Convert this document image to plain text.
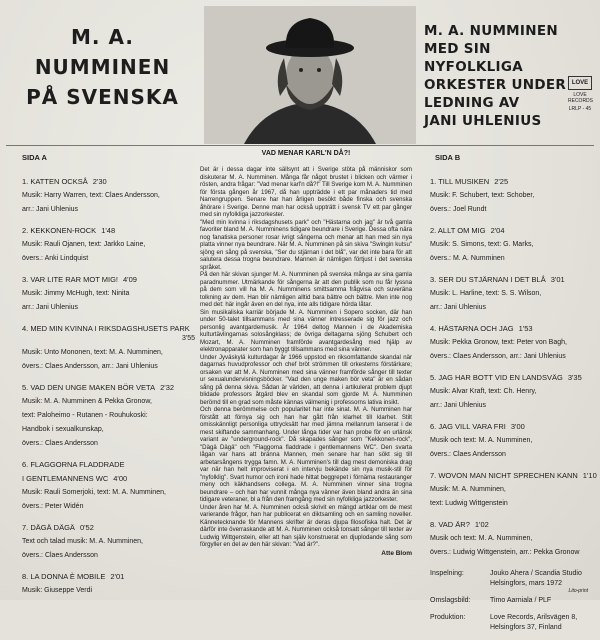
M. A. NUMMINEN
PÅ SVENSKA
M. A. NUMMINEN
MED SIN NYFOLKLIGA
ORKESTER UNDER
LEDNING AV
JANI UHLENIUS
LOVE
LOVE RECORDS
LRLP - 45
SIDA A
1. KATTEN OCKSÅ 2'30
Musik: Harry Warren, text: Claes Andersson,
arr.: Jani Uhlenius
2. KEKKONEN-ROCK 1'48
Musik: Rauli Ojanen, text: Jarkko Laine,
övers.: Anki Lindquist
3. VAR LITE RAR MOT MIG! 4'09
Musik: Jimmy McHugh, text: Ninita
arr.: Jani Uhlenius
4. MED MIN KVINNA I RIKSDAGSHUSETS PARK
3'55
Musik: Unto Mononen, text: M. A. Numminen,
övers.: Claes Andersson, arr.: Jani Uhlenius
5. VAD DEN UNGE MAKEN BÖR VETA 2'32
Musik: M. A. Numminen & Pekka Gronow,
text: Paloheimo - Rutanen - Rouhukoski:
Handbok i sexualkunskap,
övers.: Claes Andersson
6. FLAGGORNA FLADDRADE
I GENTLEMANNENS WC 4'00
Musik: Rauli Somerjoki, text: M. A. Numminen,
övers.: Peter Widén
7. DÄGÄ DÄGÄ 0'52
Text och talad musik: M. A. Numminen,
övers.: Claes Andersson
8. LA DONNA È MOBILE 2'01
Musik: Giuseppe Verdi
VAD MENAR KARL'N DÅ?!

Det är i dessa dagar inte sällsynt att i Sverige stöta på människor som diskuterar M. A. Numminen. Många får något brustet i blicken och värmer i rösten, andra frågar: "Vad menar karl'n då?!" Till Sverige kom M. A. Numminen för första gången år 1967, då han uppträdde i ett par månaders tid med Narrengruppen. Senare har han årligen besökt både finska och svenska åhörare i Sverige. Denne man har också uppträtt i svensk TV ett par gånger med sin nyfolkliga jazzorkester.

"Med min kvinna i riksdagshusets park" och "Hästarna och jag" är två gamla favoriter bland M. A. Numminens tidigare beundrare i Sverige. Dessa ofta nära nog fanatiska personer rosar ivrigt sångerna och menar att han med sin nya platta vinner nya beundrare. När M. A. Numminen på sin skiva "Swingin kutsu" sjöng en sång på svenska, "Ser du stjärnan i det blå", var det inte bara för att salutera dessa trogna beundrare. Mannen är nämligen förtjust i det svenska språket.

På den här skivan sjunger M. A. Numminen på svenska många av sina gamla paradnummer. Utmärkande för sångerna är att den publik som nu får lyssna på dem som vill ha M. A. Numminens smittsamma frågvisa och suveräna tolkning av dem. Han blir nämligen alltid bara bättre och bättre. Men inte nog med det: här ingår även en del nya, inte alls tidigare hörda låtar.

Sin musikaliska karriär började M. A. Numminen i Sopero socken, där han under 50-talet tillsammans med sina vänner intresserade sig för jazz och personlig avantgardemusik. År 1964 deltog Mannen i de Akademiska kulturtävlingarnas solosångklass; de övriga deltagarna sjöng Schubert och Mozart, M. A. Numminen framförde avantgardesång med hjälp av elektronapparater som han byggt tillsammans med sina vänner.

Under Jyväskylä kulturdagar år 1966 uppstod en riksomfattande skandal när dagarnas huvudprofessor och chef bröt strömmen till orkesterns förstärkare; orsaken var att M. A. Numminen med sina vänner framförde sånger till texter ur sexualundervisningsböcker. "Vad den unge maken bör veta" är en sådan sång på denna skiva. Sådan är världen, att denna i artikulerat problem djupt blidade professors åtgärd blev en skandal som gjorde M. A. Numminen berömd till en grad som måste kännas välmenig i professorns lativa insikt.

Och denna berömmelse och popularitet har inte sinat. M. A. Numminen har förstått att förnya sig och han har gått från klarhet till klarhet. Stilt omisskännligt personliga uttrycksätt har med jämna mellanrum lanserat i de mest skiftande sammanhang. Under långa tider var han probe för en urlänsk variant av "underground-rock". Då skapades sånger som "Kekkonen-rock", "Dägä Dägä" och "Flaggorna fladdrade i gentlemannens WC". Den svarta lågan var hans att brännа Mannen, men senare har han sökt sig till arbetarsångens trygga famn. M. A. Numminen's till dag mest demoniska drag var när han helt improviserat i en intervju bekände sin nya musik-stil för "nyfolklig". Svart humor och ironi hade hittat beggrepet i förnäma restauranger meny och käkhandsens collega. M. A. Numminen vinner sina trogna beundrare – och han har vunnit många nya vänner även bland andra än sina tidigare veteraner, bl a från den framgång med sin nyfolkliga jazzorkester.

Under åren har M. A. Numminen också skrivit en mängd artiklar om de mest varierande frågor, han har publicerat en diktsamling och en samling noveller. Kännetecknande för Mannens skrifter är deras djupa filosofiska halt. Det är därför inte överraskande att M. A. Numminen också tonsatt sånger till texter av Ludwig Wittgenstein, eller att han själv konstruerat en djuplodande sång som förgyller en del av den här skivan: "Vad är?".

Atte Blom
SIDA B
1. TILL MUSIKEN 2'25
Musik: F. Schubert, text: Schober,
övers.: Joel Rundt
2. ALLT OM MIG 2'04
Musik: S. Simons, text: G. Marks,
övers.: M. A. Numminen
3. SER DU STJÄRNAN I DET BLÅ 3'01
Musik: L. Harline, text: S. S. Wilson,
arr.: Jani Uhlenius
4. HÄSTARNA OCH JAG 1'53
Musik: Pekka Gronow, text: Peter von Bagh,
övers.: Claes Andersson, arr.: Jani Uhlenius
5. JAG HAR BOTT VID EN LANDSVÄG 3'35
Musik: Alvar Kraft, text: Ch. Henry,
arr.: Jani Uhlenius
6. JAG VILL VARA FRI 3'00
Musik och text: M. A. Numminen,
övers.: Claes Andersson
7. WOVON MAN NICHT SPRECHEN KANN 1'10
Musik: M. A. Numminen,
text: Ludwig Wittgenstein
8. VAD ÄR? 1'02
Musik och text: M. A. Numminen,
övers.: Ludwig Wittgenstein, arr.: Pekka Gronow
Inspelning:	Jouko Ahera / Scandia Studio
Helsingfors, mars 1972
Omslagsbild:	Timo Aarniala / PLF
Produktion:	Love Records, Arilsvägen 8,
Helsingfors 37, Finland
Lito-print
